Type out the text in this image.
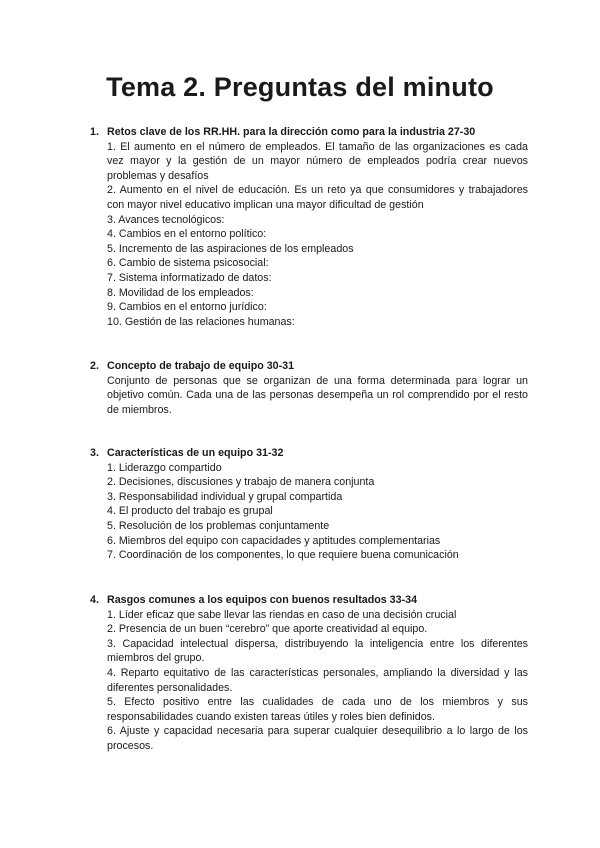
Tema 2. Preguntas del minuto
1. Retos clave de los RR.HH. para la dirección como para la industria 27-30

1. El aumento en el número de empleados. El tamaño de las organizaciones es cada vez mayor y la gestión de un mayor número de empleados podría crear nuevos problemas y desafíos

2. Aumento en el nivel de educación. Es un reto ya que consumidores y trabajadores con mayor nivel educativo implican una mayor dificultad de gestión

3. Avances tecnológicos:

4. Cambios en el entorno político:

5. Incremento de las aspiraciones de los empleados

6. Cambio de sistema psicosocial:

7. Sistema informatizado de datos:

8. Movilidad de los empleados:

9. Cambios en el entorno jurídico:

10. Gestión de las relaciones humanas:

2. Concepto de trabajo de equipo 30-31

Conjunto de personas que se organizan de una forma determinada para lograr un objetivo común. Cada una de las personas desempeña un rol comprendido por el resto de miembros.

3. Características de un equipo 31-32

1. Liderazgo compartido

2. Decisiones, discusiones y trabajo de manera conjunta

3. Responsabilidad individual y grupal compartida

4. El producto del trabajo es grupal

5. Resolución de los problemas conjuntamente

6. Miembros del equipo con capacidades y aptitudes complementarias

7. Coordinación de los componentes, lo que requiere buena comunicación

4. Rasgos comunes a los equipos con buenos resultados 33-34

1. Líder eficaz que sabe llevar las riendas en caso de una decisión crucial

2. Presencia de un buen “cerebro” que aporte creatividad al equipo.

3. Capacidad intelectual dispersa, distribuyendo la inteligencia entre los diferentes miembros del grupo.

4. Reparto equitativo de las características personales, ampliando la diversidad y las diferentes personalidades.

5. Efecto positivo entre las cualidades de cada uno de los miembros y sus responsabilidades cuando existen tareas útiles y roles bien definidos.

6. Ajuste y capacidad necesaria para superar cualquier desequilibrio a lo largo de los procesos.
